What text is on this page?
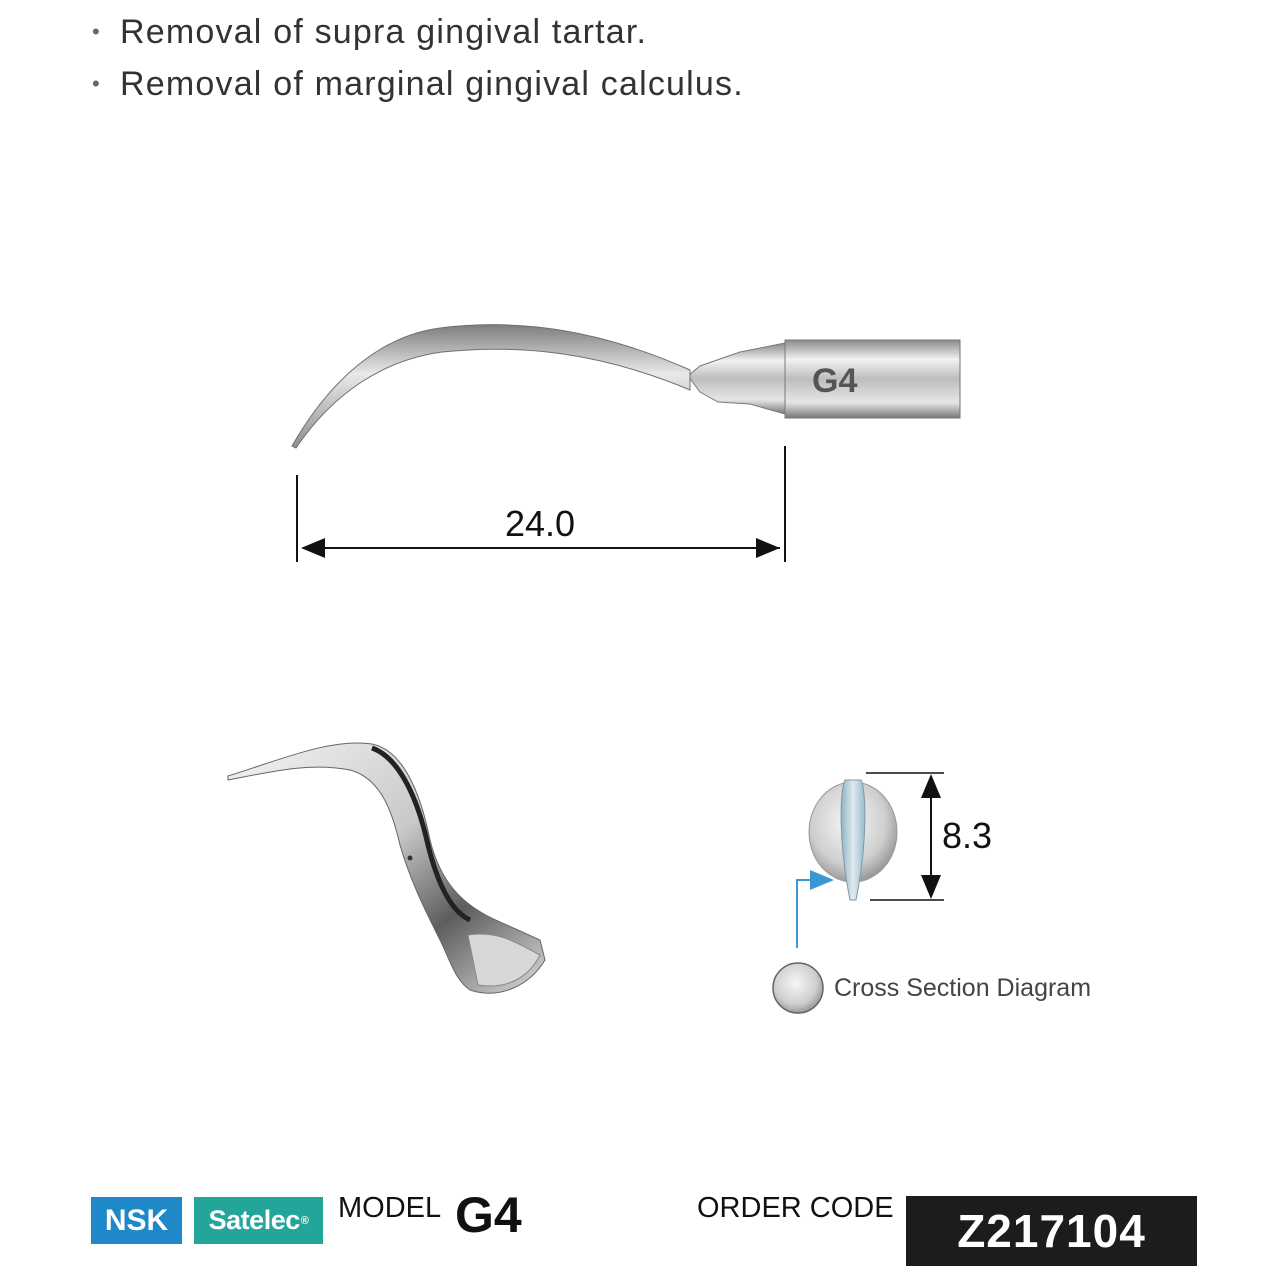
• Removal of supra gingival tartar.
• Removal of marginal gingival calculus.
G4
24.0
8.3
Cross Section Diagram
NSK Satelec ® MODEL G4	ORDER CODE	Z217104
